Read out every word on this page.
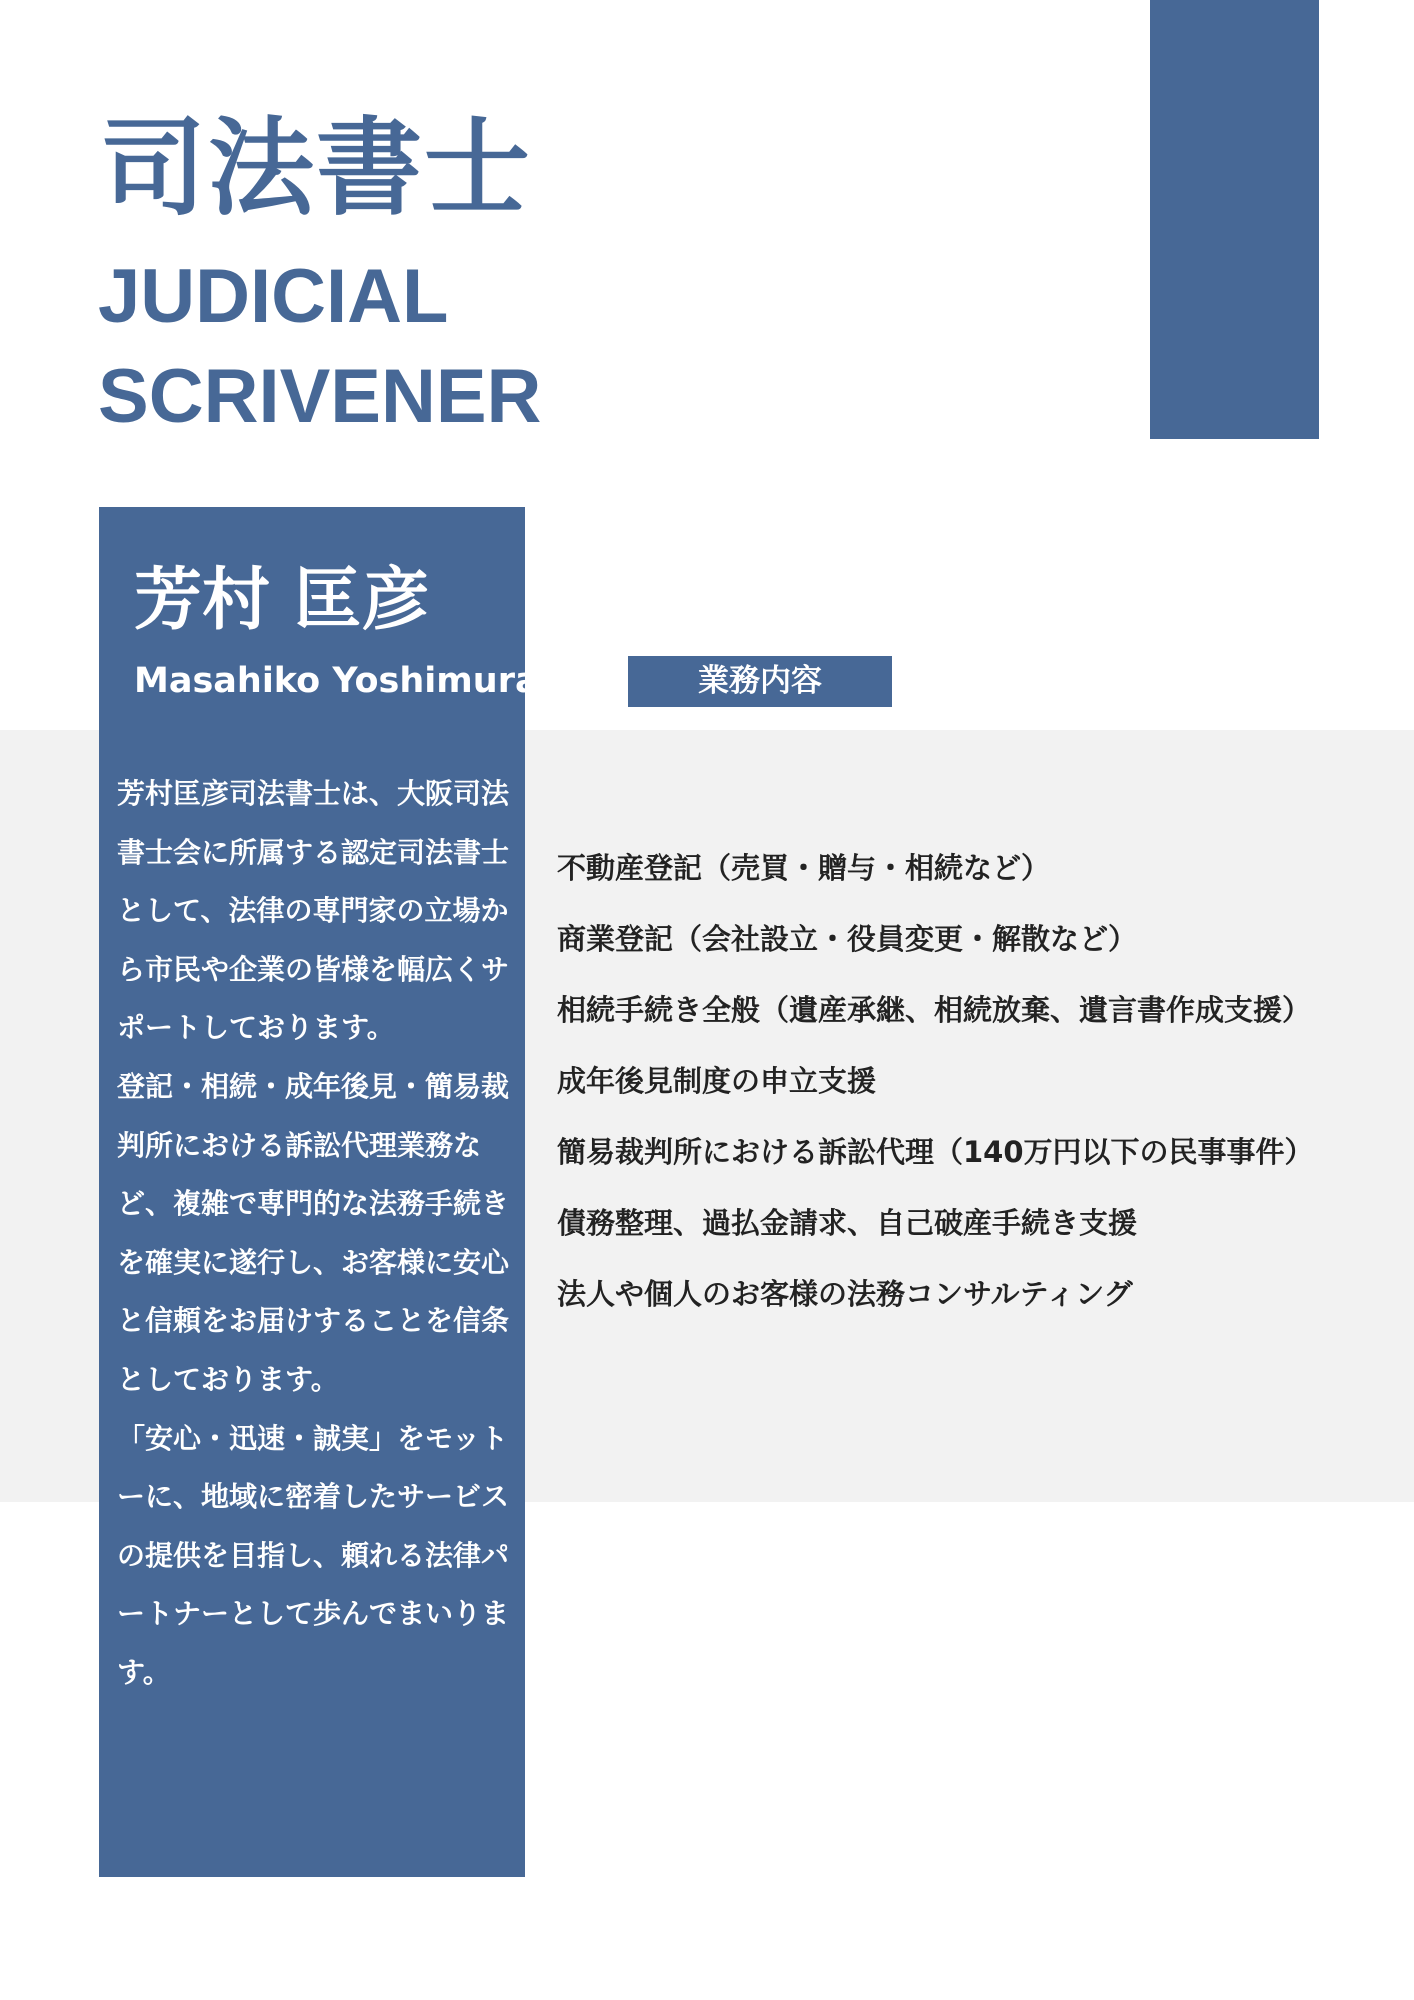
司法書士
JUDICIAL
SCRIVENER
芳村 匡彦
Masahiko Yoshimura

芳村匡彦司法書士は、大阪司法書士会に所属する認定司法書士として、法律の専門家の立場から市民や企業の皆様を幅広くサポートしております。

登記・相続・成年後見・簡易裁判所における訴訟代理業務など、複雑で専門的な法務手続きを確実に遂行し、お客様に安心と信頼をお届けすることを信条としております。

「安心・迅速・誠実」をモットーに、地域に密着したサービスの提供を目指し、頼れる法律パートナーとして歩んでまいります。

業務内容
不動産登記（売買・贈与・相続など）
商業登記（会社設立・役員変更・解散など）
相続手続き全般（遺産承継、相続放棄、遺言書作成支援）
成年後見制度の申立支援
簡易裁判所における訴訟代理（140万円以下の民事事件）
債務整理、過払金請求、自己破産手続き支援
法人や個人のお客様の法務コンサルティング
